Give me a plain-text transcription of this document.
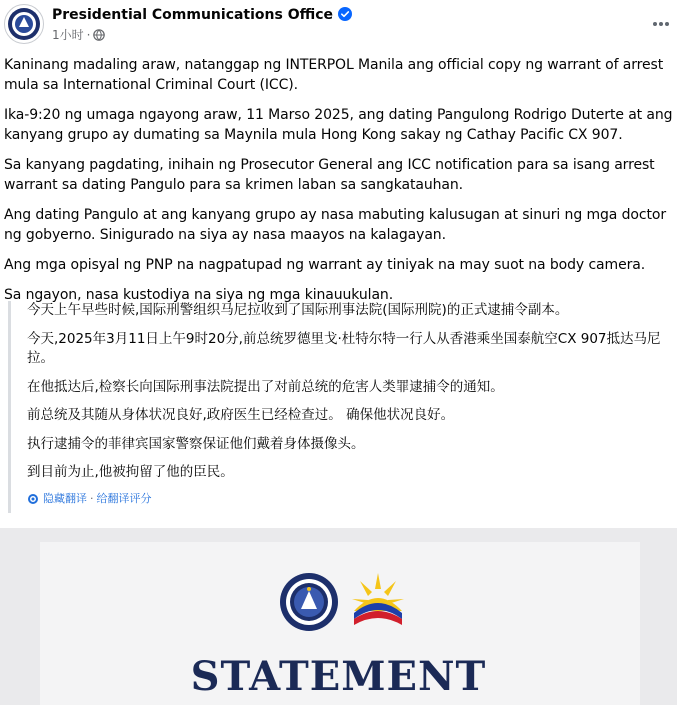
Presidential Communications Office
1小时 ·

Kaninang madaling araw, natanggap ng INTERPOL Manila ang official copy ng warrant of arrest mula sa International Criminal Court (ICC).

Ika-9:20 ng umaga ngayong araw, 11 Marso 2025, ang dating Pangulong Rodrigo Duterte at ang kanyang grupo ay dumating sa Maynila mula Hong Kong sakay ng Cathay Pacific CX 907.

Sa kanyang pagdating, inihain ng Prosecutor General ang ICC notification para sa isang arrest warrant sa dating Pangulo para sa krimen laban sa sangkatauhan.

Ang dating Pangulo at ang kanyang grupo ay nasa mabuting kalusugan at sinuri ng mga doctor ng gobyerno. Sinigurado na siya ay nasa maayos na kalagayan.

Ang mga opisyal ng PNP na nagpatupad ng warrant ay tiniyak na may suot na body camera.

Sa ngayon, nasa kustodiya na siya ng mga kinauukulan.

今天上午早些时候,国际刑警组织马尼拉收到了国际刑事法院(国际刑院)的正式逮捕令副本。

今天,2025年3月11日上午9时20分,前总统罗德里戈·杜特尔特一行人从香港乘坐国泰航空CX 907抵达马尼拉。

在他抵达后,检察长向国际刑事法院提出了对前总统的危害人类罪逮捕令的通知。

前总统及其随从身体状况良好,政府医生已经检查过。 确保他状况良好。

执行逮捕令的菲律宾国家警察保证他们戴着身体摄像头。

到目前为止,他被拘留了他的臣民。

隐藏翻译 · 给翻译评分
STATEMENT
